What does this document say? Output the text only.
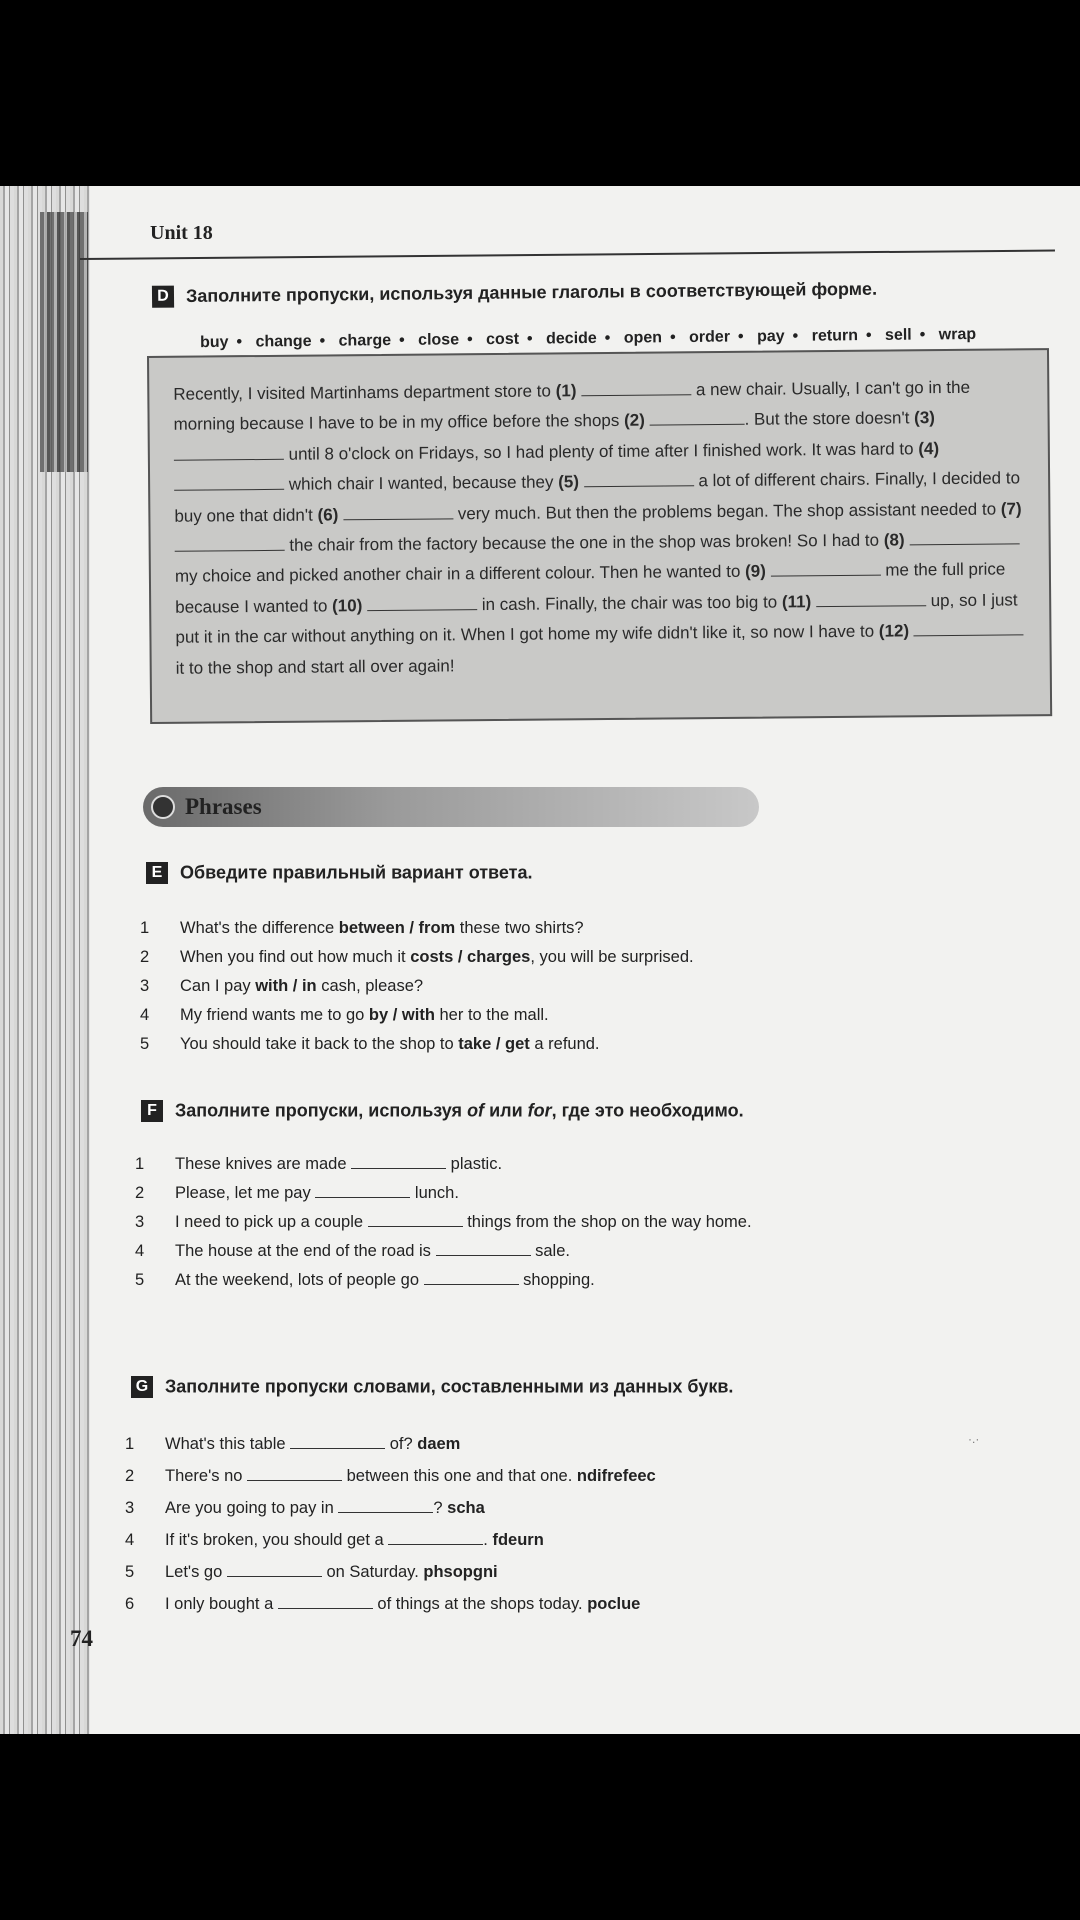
Unit 18
D Заполните пропуски, используя данные глаголы в соответствующей форме.
buy • change • charge • close • cost • decide • open • order • pay • return • sell • wrap

Recently, I visited Martinhams department store to (1)	a new chair. Usually, I can't go in the morning because I have to be in my office before the shops (2)	. But the store doesn't (3)  until 8 o'clock on Fridays, so I had plenty of time after I finished work. It was hard to (4)  which chair I wanted, because they (5)	a lot of different chairs. Finally, I decided to buy one that didn't (6)	very much. But then the problems began. The shop assistant needed to (7)  the chair from the factory because the one in the shop was broken! So I had to (8)  my choice and picked another chair in a different colour. Then he wanted to (9)	me the full price because I wanted to (10)	in cash. Finally, the chair was too big to (11)	up, so I just put it in the car without anything on it. When I got home my wife didn't like it, so now I have to (12)  it to the shop and start all over again!

Phrases
E Обведите правильный вариант ответа.
1 What's the difference between / from these two shirts?
2 When you find out how much it costs / charges, you will be surprised.
3 Can I pay with / in cash, please?
4 My friend wants me to go by / with her to the mall.
5 You should take it back to the shop to take / get a refund.
F Заполните пропуски, используя of или for, где это необходимо.
1 These knives are made	plastic.
2 Please, let me pay	lunch.
3 I need to pick up a couple	things from the shop on the way home.
4 The house at the end of the road is	sale.
5 At the weekend, lots of people go	shopping.
G Заполните пропуски словами, составленными из данных букв.
1 What's this table	of? daem
2 There's no	between this one and that one. ndifrefeec
3 Are you going to pay in	? scha
4 If it's broken, you should get a	. fdeurn
5 Let's go	on Saturday. phsopgni
6 I only bought a	of things at the shops today. poclue
·.·
74
